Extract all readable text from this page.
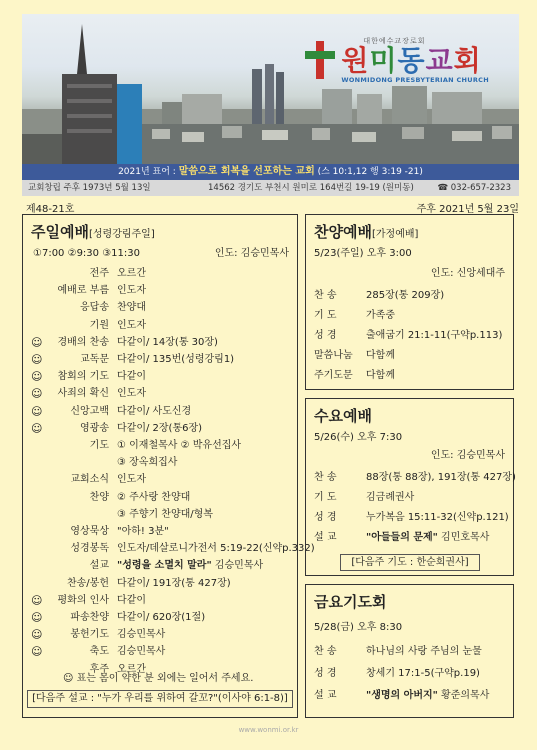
대한예수교장로회
원미동교회
WONMIDONG PRESBYTERIAN CHURCH
2021년 표어 : 말씀으로 회복을 선포하는 교회 (스 10:1,12 행 3:19 -21)
교회창립 주후 1973년 5월 13일	14562 경기도 부천시 원미로 164번길 19-19 (원미동)	☎ 032-657-2323
제48-21호	주후 2021년 5월 23일
주일예배[성령강림주일]
①7:00 ②9:30 ③11:30	인도: 김승민목사
전주 오르간
예배로 부름 인도자
응답송 찬양대
기원 인도자
☺ 경배의 찬송 다같이/ 14장(통 30장)
☺	교독문 다같이/ 135번(성령강림1)
☺ 참회의 기도 다같이
☺ 사죄의 확신 인도자
☺	신앙고백 다같이/ 사도신경
☺	영광송 다같이/ 2장(통6장)
기도 ① 이재철목사 ② 박유선집사
③ 장옥희집사
교회소식 인도자
찬양 ② 주사랑 찬양대
③ 주향기 찬양대/형복
영상묵상 "아하! 3분"
성경봉독 인도자/데살로니가전서 5:19-22(신약p.332)
설교 "성령을 소멸치 말라" 김승민목사
찬송/봉헌 다같이/ 191장(통 427장)
☺ 평화의 인사 다같이
☺	파송찬양 다같이/ 620장(1절)
☺	봉헌기도 김승민목사
☺	축도 김승민목사
후주 오르간
☺ 표는 몸이 약한 분 외에는 일어서 주세요.
[다음주 설교 : "누가 우리를 위하여 갈꼬?"(이사야 6:1-8)]
찬양예배[가정예배]
5/23(주일) 오후 3:00
인도: 신앙세대주
찬 송	285장(통 209장)
기 도	가족중
성 경	출애굽기 21:1-11(구약p.113)
말씀나눔 다함께
주기도문 다함께
수요예배
5/26(수) 오후 7:30
인도: 김승민목사
찬 송	88장(통 88장), 191장(통 427장)
기 도	김금례권사
성 경	누가복음 15:11-32(신약p.121)
설 교	"아들들의 문제" 김민호목사
[다음주 기도 : 한순희권사]
금요기도회
5/28(금) 오후 8:30
찬 송	하나님의 사랑 주님의 눈물
성 경	창세기 17:1-5(구약p.19)
설 교	"생명의 아버지" 황준의목사
www.wonmi.or.kr
